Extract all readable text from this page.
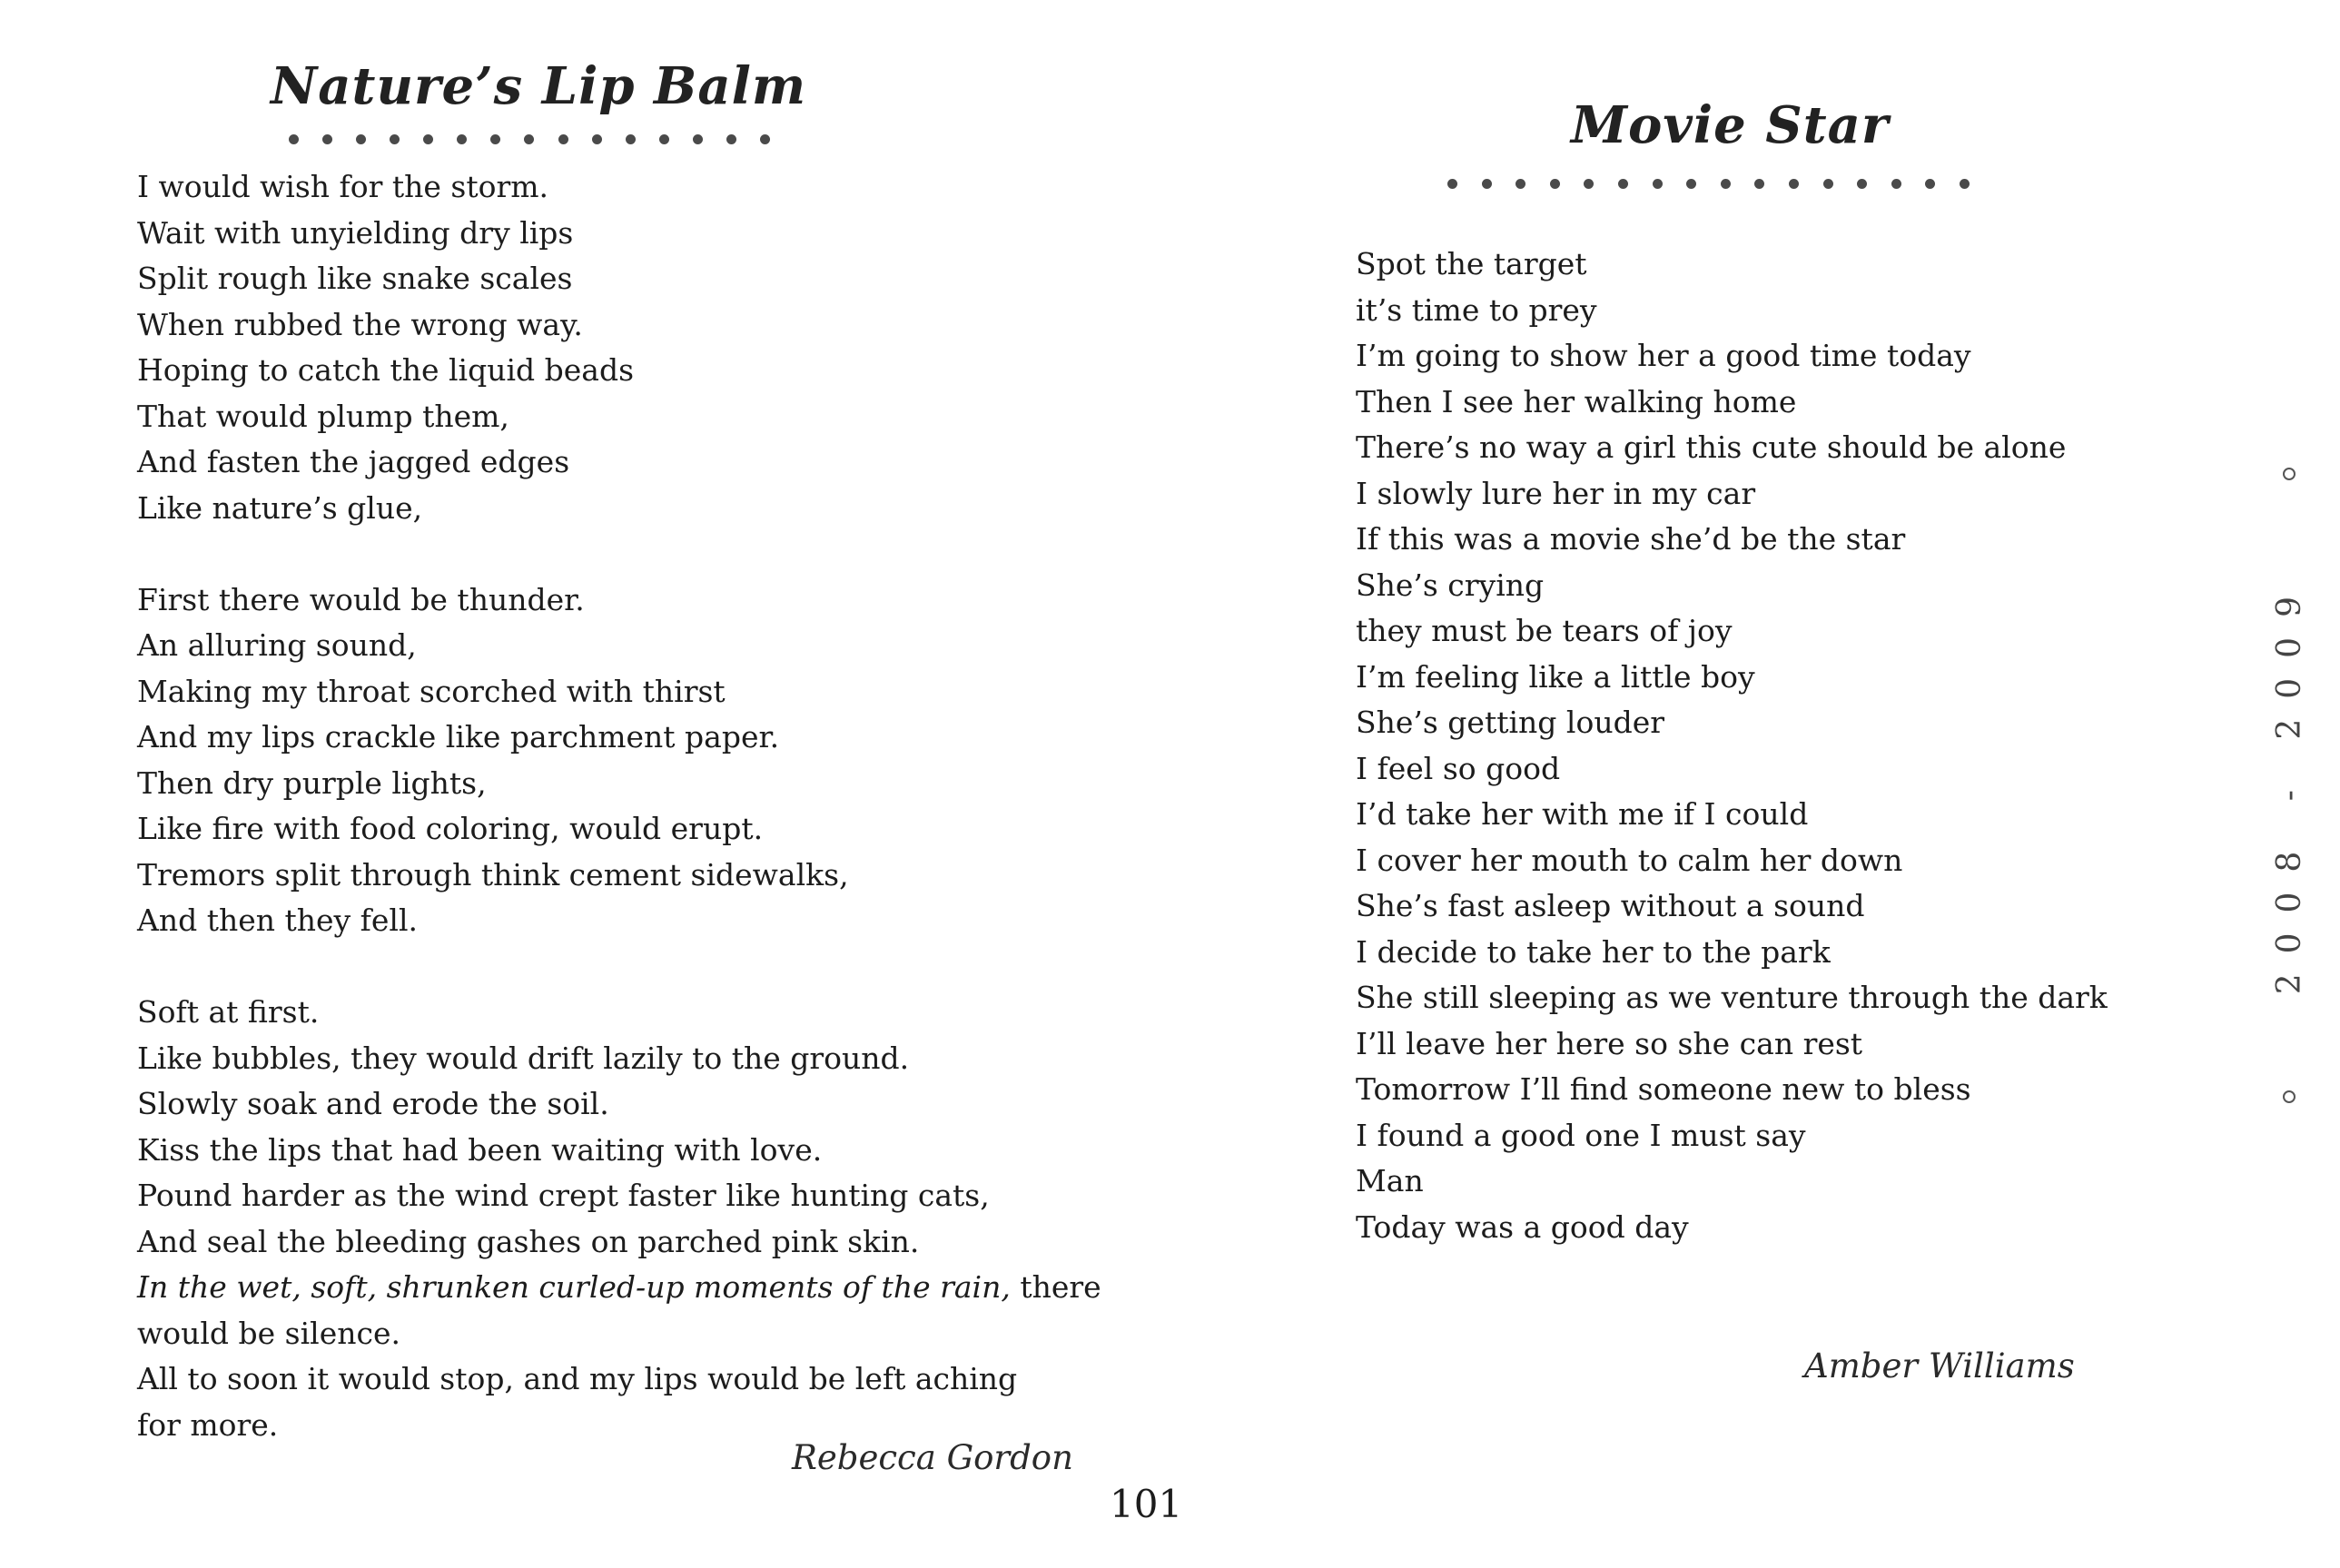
Nature’s Lip Balm
I would wish for the storm.
Wait with unyielding dry lips
Split rough like snake scales
When rubbed the wrong way.
Hoping to catch the liquid beads
That would plump them,
And fasten the jagged edges
Like nature’s glue,
First there would be thunder.
An alluring sound,
Making my throat scorched with thirst
And my lips crackle like parchment paper.
Then dry purple lights,
Like fire with food coloring, would erupt.
Tremors split through think cement sidewalks,
And then they fell.
Soft at first.
Like bubbles, they would drift lazily to the ground.
Slowly soak and erode the soil.
Kiss the lips that had been waiting with love.
Pound harder as the wind crept faster like hunting cats,
And seal the bleeding gashes on parched pink skin.
In the wet, soft, shrunken curled-up moments of the rain, there
would be silence.
All to soon it would stop, and my lips would be left aching
for more.
Rebecca Gordon
101
Movie Star
Spot the target
it’s time to prey
I’m going to show her a good time today
Then I see her walking home
There’s no way a girl this cute should be alone
I slowly lure her in my car
If this was a movie she’d be the star
She’s crying
they must be tears of joy
I’m feeling like a little boy
She’s getting louder
I feel so good
I’d take her with me if I could
I cover her mouth to calm her down
She’s fast asleep without a sound
I decide to take her to the park
She still sleeping as we venture through the dark
I’ll leave her here so she can rest
Tomorrow I’ll find someone new to bless
I found a good one I must say
Man
Today was a good day
Amber Williams
2008 - 2009
